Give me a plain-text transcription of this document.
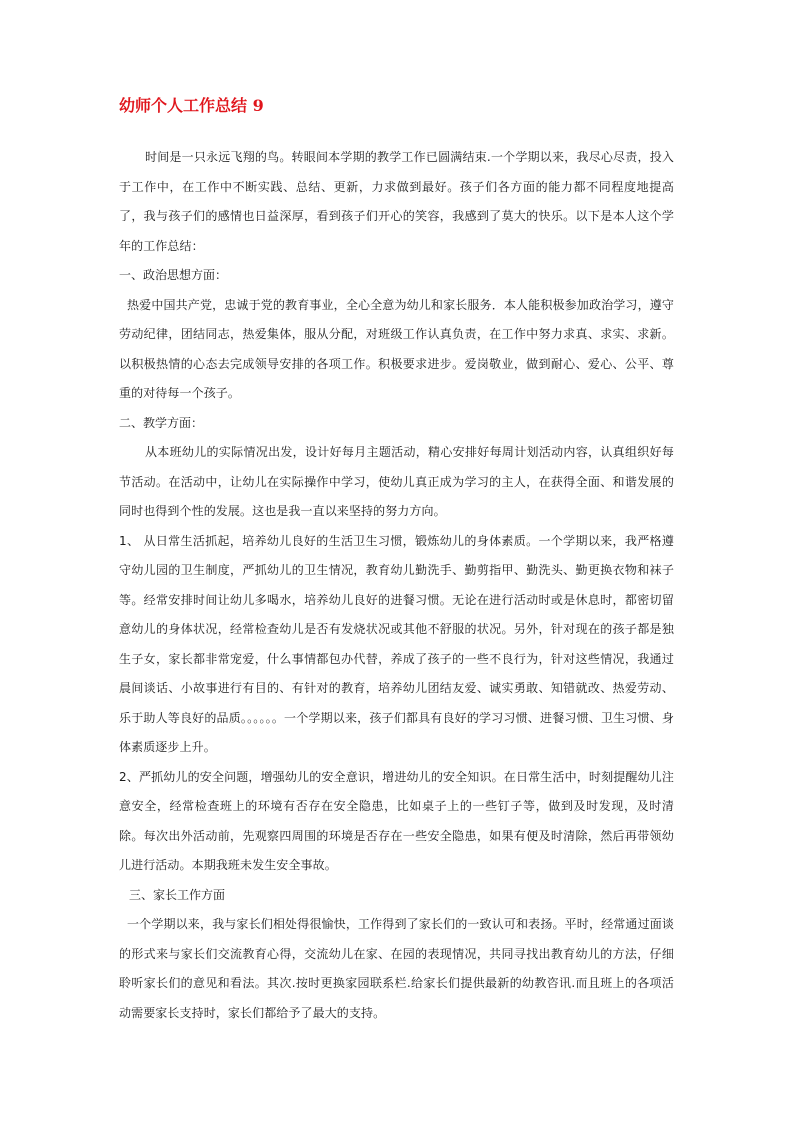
幼师个人工作总结 9

时间是一只永远飞翔的鸟。转眼间本学期的教学工作已圆满结束.一个学期以来，我尽心尽责，投入于工作中，在工作中不断实践、总结、更新，力求做到最好。孩子们各方面的能力都不同程度地提高了，我与孩子们的感情也日益深厚，看到孩子们开心的笑容，我感到了莫大的快乐。以下是本人这个学年的工作总结：

一、政治思想方面：

热爱中国共产党，忠诚于党的教育事业，全心全意为幼儿和家长服务．本人能积极参加政治学习，遵守劳动纪律，团结同志，热爱集体，服从分配，对班级工作认真负责，在工作中努力求真、求实、求新。以积极热情的心态去完成领导安排的各项工作。积极要求进步。爱岗敬业，做到耐心、爱心、公平、尊重的对待每一个孩子。

二、教学方面：

从本班幼儿的实际情况出发，设计好每月主题活动，精心安排好每周计划活动内容，认真组织好每节活动。在活动中，让幼儿在实际操作中学习，使幼儿真正成为学习的主人，在获得全面、和谐发展的同时也得到个性的发展。这也是我一直以来坚持的努力方向。

1、 从日常生活抓起，培养幼儿良好的生活卫生习惯，锻炼幼儿的身体素质。一个学期以来，我严格遵守幼儿园的卫生制度，严抓幼儿的卫生情况，教育幼儿勤洗手、勤剪指甲、勤洗头、勤更换衣物和袜子等。经常安排时间让幼儿多喝水，培养幼儿良好的进餐习惯。无论在进行活动时或是休息时，都密切留意幼儿的身体状况，经常检查幼儿是否有发烧状况或其他不舒服的状况。另外，针对现在的孩子都是独生子女，家长都非常宠爱，什么事情都包办代替，养成了孩子的一些不良行为，针对这些情况，我通过晨间谈话、小故事进行有目的、有针对的教育，培养幼儿团结友爱、诚实勇敢、知错就改、热爱劳动、乐于助人等良好的品质。。。。。。一个学期以来，孩子们都具有良好的学习习惯、进餐习惯、卫生习惯、身体素质逐步上升。

2、严抓幼儿的安全问题，增强幼儿的安全意识，增进幼儿的安全知识。在日常生活中，时刻提醒幼儿注意安全，经常检查班上的环境有否存在安全隐患，比如桌子上的一些钉子等，做到及时发现，及时清除。每次出外活动前，先观察四周围的环境是否存在一些安全隐患，如果有便及时清除，然后再带领幼儿进行活动。本期我班未发生安全事故。

三、家长工作方面

一个学期以来，我与家长们相处得很愉快，工作得到了家长们的一致认可和表扬。平时，经常通过面谈的形式来与家长们交流教育心得，交流幼儿在家、在园的表现情况，共同寻找出教育幼儿的方法，仔细聆听家长们的意见和看法。其次.按时更换家园联系栏.给家长们提供最新的幼教咨讯.而且班上的各项活动需要家长支持时，家长们都给予了最大的支持。
